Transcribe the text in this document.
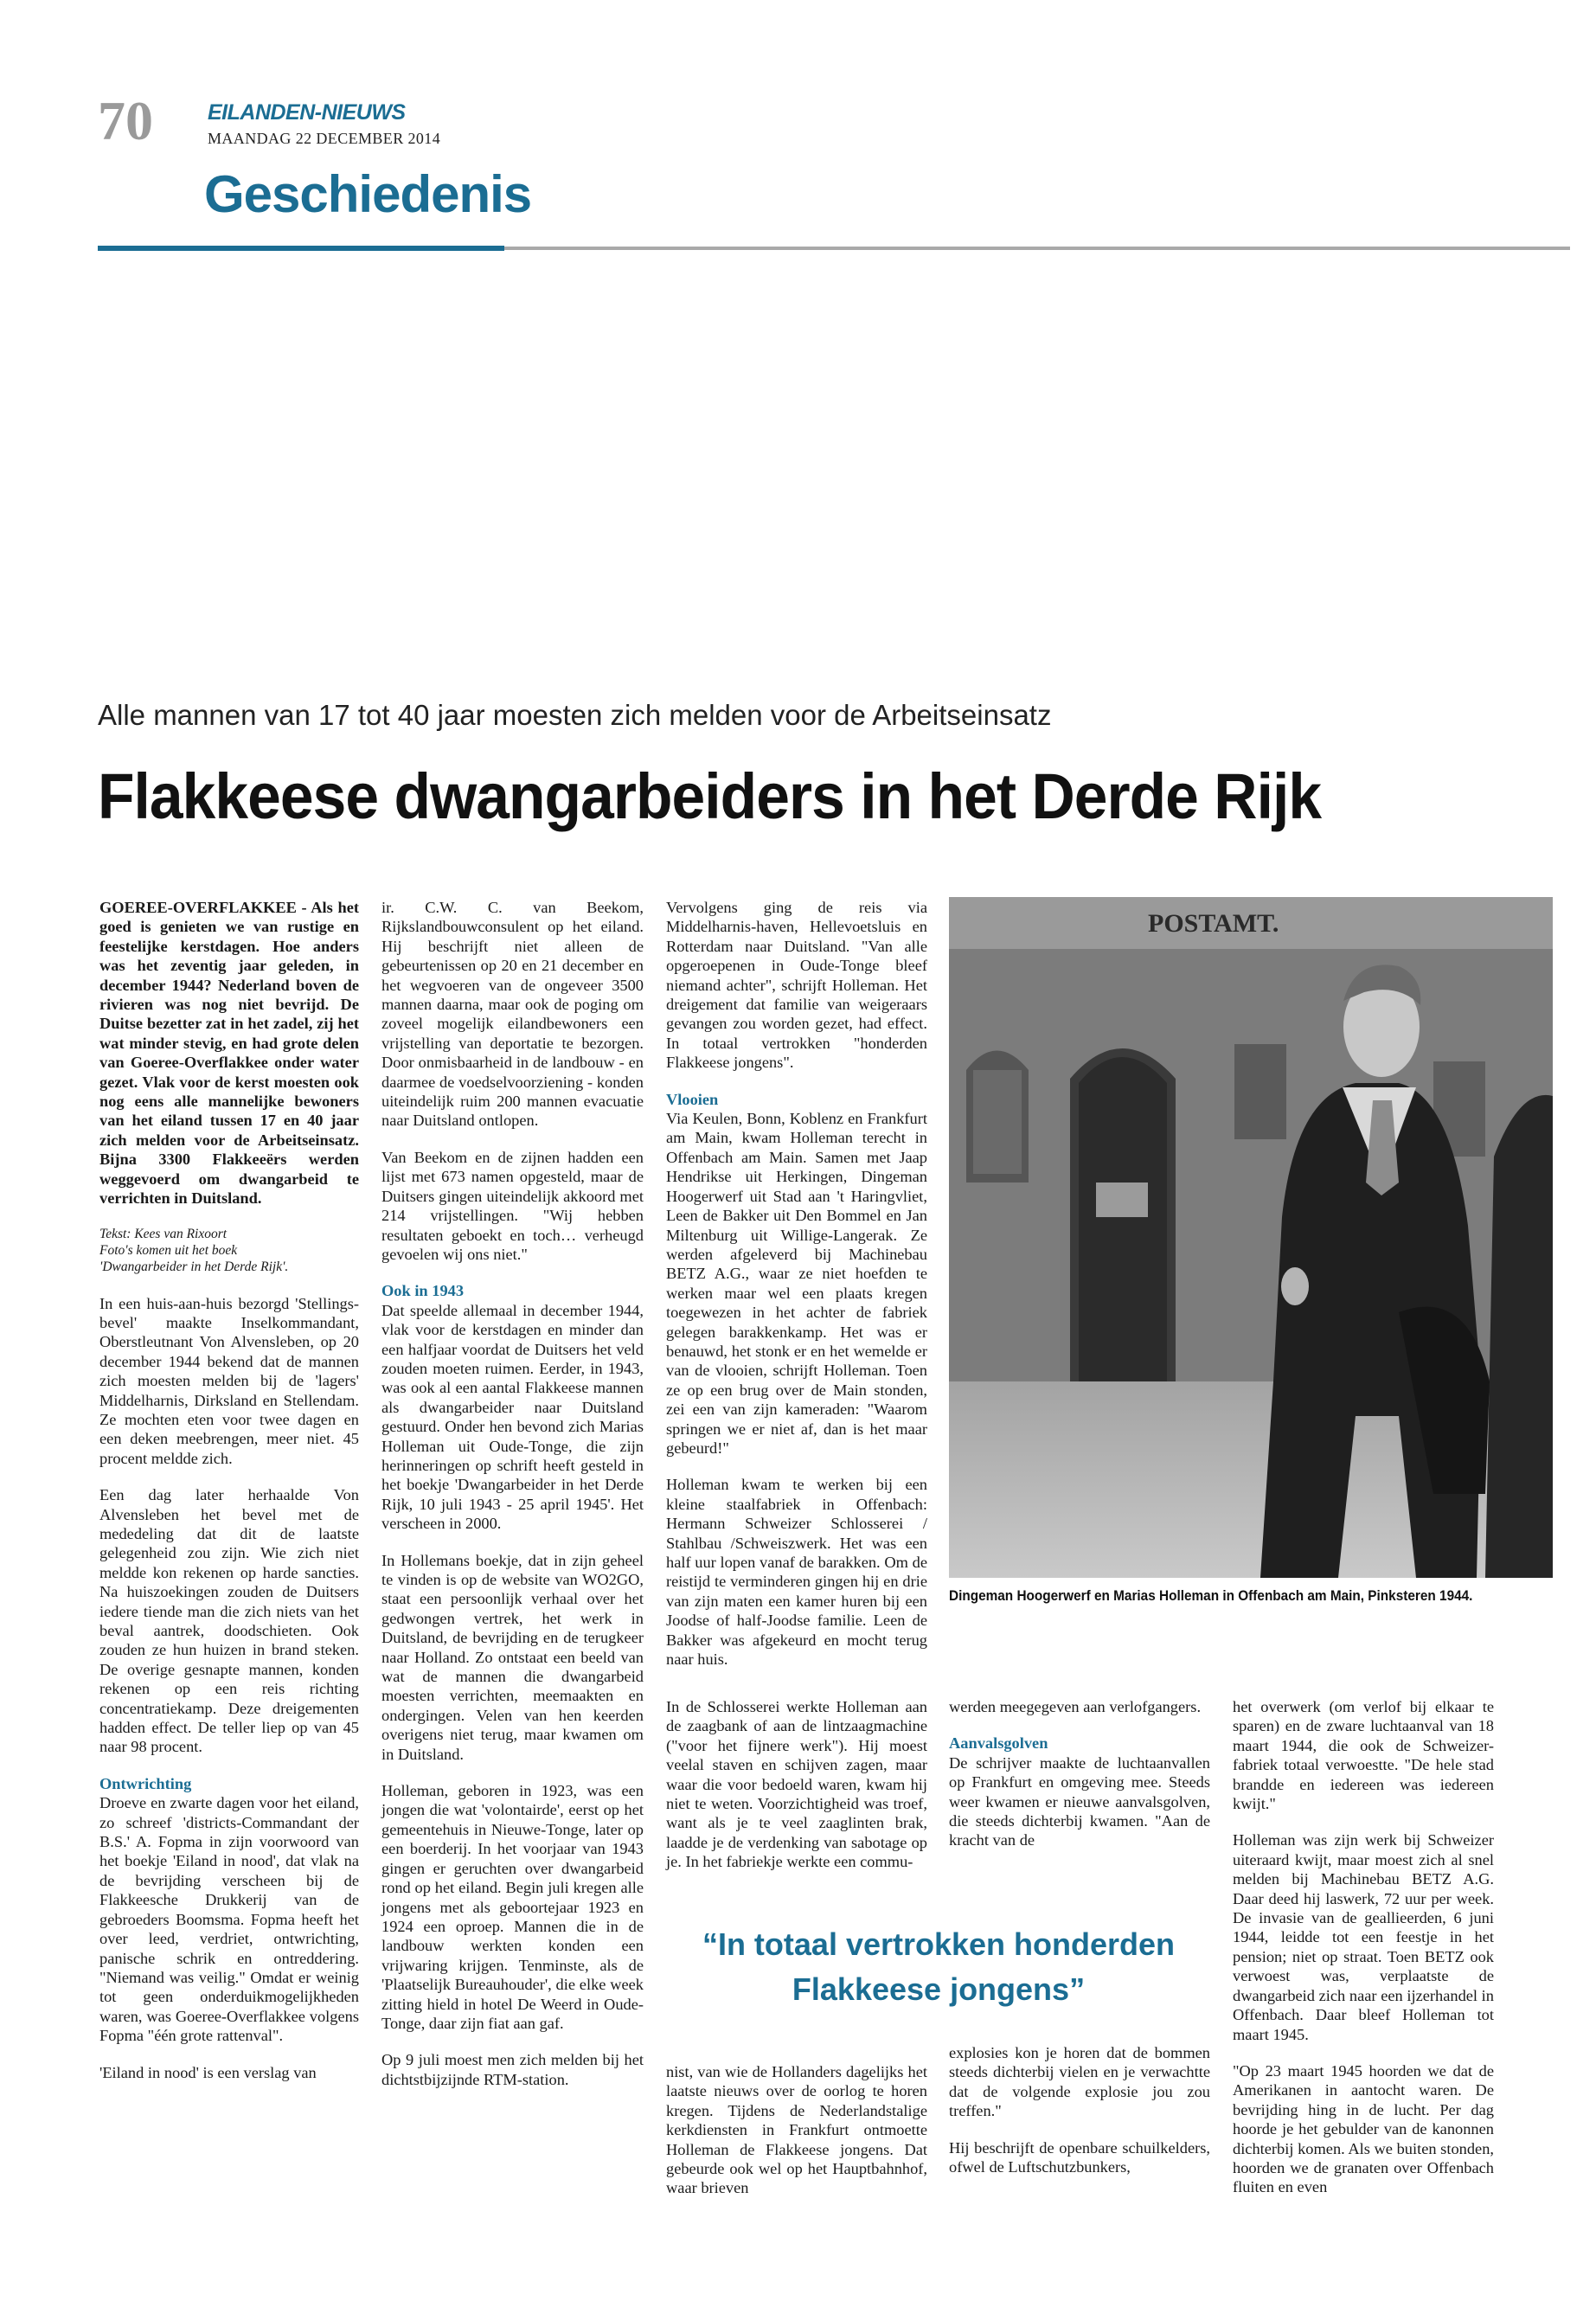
70	EILANDEN-NIEUWS
MAANDAG 22 DECEMBER 2014
Geschiedenis
Alle mannen van 17 tot 40 jaar moesten zich melden voor de Arbeitseinsatz
Flakkeese dwangarbeiders in het Derde Rijk

GOEREE-OVERFLAKKEE - Als het goed is genieten we van rustige en feestelijke kerstdagen. Hoe anders was het zeventig jaar geleden, in december 1944? Nederland boven de rivieren was nog niet bevrijd. De Duitse bezetter zat in het zadel, zij het wat minder stevig, en had grote delen van Goeree-Overflakkee onder water gezet. Vlak voor de kerst moesten ook nog eens alle mannelijke bewoners van het eiland tussen 17 en 40 jaar zich melden voor de Arbeitseinsatz. Bijna 3300 Flakkeeërs werden weggevoerd om dwangarbeid te verrichten in Duitsland.

Tekst: Kees van Rixoort
Foto's komen uit het boek

'Dwangarbeider in het Derde Rijk'.

In een huis-aan-huis bezorgd 'Stellings-bevel' maakte Inselkommandant, Oberstleutnant Von Alvensleben, op 20 december 1944 bekend dat de mannen zich moesten melden bij de 'lagers' Middelharnis, Dirksland en Stellendam. Ze mochten eten voor twee dagen en een deken meebrengen, meer niet. 45 procent meldde zich.

Een dag later herhaalde Von Alvensleben het bevel met de mededeling dat dit de laatste gelegenheid zou zijn. Wie zich niet meldde kon rekenen op harde sancties. Na huiszoekingen zouden de Duitsers iedere tiende man die zich niets van het beval aantrek, doodschieten. Ook zouden ze hun huizen in brand steken. De overige gesnapte mannen, konden rekenen op een reis richting concentratiekamp. Deze dreigementen hadden effect. De teller liep op van 45 naar 98 procent.

Ontwrichting

Droeve en zwarte dagen voor het eiland, zo schreef 'districts-Commandant der B.S.' A. Fopma in zijn voorwoord van het boekje 'Eiland in nood', dat vlak na de bevrijding verscheen bij de Flakkeesche Drukkerij van de gebroeders Boomsma. Fopma heeft het over leed, verdriet, ontwrichting, panische schrik en ontreddering. "Niemand was veilig." Omdat er weinig tot geen onderduikmogelijkheden waren, was Goeree-Overflakkee volgens Fopma "één grote rattenval".

'Eiland in nood' is een verslag van

ir. C.W. C. van Beekom, Rijkslandbouwconsulent op het eiland. Hij beschrijft niet alleen de gebeurtenissen op 20 en 21 december en het wegvoeren van de ongeveer 3500 mannen daarna, maar ook de poging om zoveel mogelijk eilandbewoners een vrijstelling van deportatie te bezorgen. Door onmisbaarheid in de landbouw - en daarmee de voedselvoorziening - konden uiteindelijk ruim 200 mannen evacuatie naar Duitsland ontlopen.

Van Beekom en de zijnen hadden een lijst met 673 namen opgesteld, maar de Duitsers gingen uiteindelijk akkoord met 214 vrijstellingen. "Wij hebben resultaten geboekt en toch… verheugd gevoelen wij ons niet."

Ook in 1943

Dat speelde allemaal in december 1944, vlak voor de kerstdagen en minder dan een halfjaar voordat de Duitsers het veld zouden moeten ruimen. Eerder, in 1943, was ook al een aantal Flakkeese mannen als dwangarbeider naar Duitsland gestuurd. Onder hen bevond zich Marias Holleman uit Oude-Tonge, die zijn herinneringen op schrift heeft gesteld in het boekje 'Dwangarbeider in het Derde Rijk, 10 juli 1943 - 25 april 1945'. Het verscheen in 2000.

In Hollemans boekje, dat in zijn geheel te vinden is op de website van WO2GO, staat een persoonlijk verhaal over het gedwongen vertrek, het werk in Duitsland, de bevrijding en de terugkeer naar Holland. Zo ontstaat een beeld van wat de mannen die dwangarbeid moesten verrichten, meemaakten en ondergingen. Velen van hen keerden overigens niet terug, maar kwamen om in Duitsland.

Holleman, geboren in 1923, was een jongen die wat 'volontairde', eerst op het gemeentehuis in Nieuwe-Tonge, later op een boerderij. In het voorjaar van 1943 gingen er geruchten over dwangarbeid rond op het eiland. Begin juli kregen alle jongens met als geboortejaar 1923 en 1924 een oproep. Mannen die in de landbouw werkten konden een vrijwaring krijgen. Tenminste, als de 'Plaatselijk Bureauhouder', die elke week zitting hield in hotel De Weerd in Oude-Tonge, daar zijn fiat aan gaf.

Op 9 juli moest men zich melden bij het dichtstbijzijnde RTM-station.

Vervolgens ging de reis via Middelharnis-haven, Hellevoetsluis en Rotterdam naar Duitsland. "Van alle opgeroepenen in Oude-Tonge bleef niemand achter", schrijft Holleman. Het dreigement dat familie van weigeraars gevangen zou worden gezet, had effect. In totaal vertrokken "honderden Flakkeese jongens".

Vlooien

Via Keulen, Bonn, Koblenz en Frankfurt am Main, kwam Holleman terecht in Offenbach am Main. Samen met Jaap Hendrikse uit Herkingen, Dingeman Hoogerwerf uit Stad aan 't Haringvliet, Leen de Bakker uit Den Bommel en Jan Miltenburg uit Willige-Langerak. Ze werden afgeleverd bij Machinebau BETZ A.G., waar ze niet hoefden te werken maar wel een plaats kregen toegewezen in het achter de fabriek gelegen barakkenkamp. Het was er benauwd, het stonk er en het wemelde er van de vlooien, schrijft Holleman. Toen ze op een brug over de Main stonden, zei een van zijn kameraden: "Waarom springen we er niet af, dan is het maar gebeurd!"

Holleman kwam te werken bij een kleine staalfabriek in Offenbach: Hermann Schweizer Schlosserei / Stahlbau /Schweiszwerk. Het was een half uur lopen vanaf de barakken. Om de reistijd te verminderen gingen hij en drie van zijn maten een kamer huren bij een Joodse of half-Joodse familie. Leen de Bakker was afgekeurd en mocht terug naar huis.

In de Schlosserei werkte Holleman aan de zaagbank of aan de lintzaagmachine ("voor het fijnere werk"). Hij moest veelal staven en schijven zagen, maar waar die voor bedoeld waren, kwam hij niet te weten. Voorzichtigheid was troef, want als je te veel zaaglinten brak, laadde je de verdenking van sabotage op je. In het fabriekje werkte een commu-

nist, van wie de Hollanders dagelijks het laatste nieuws over de oorlog te horen kregen. Tijdens de Nederlandstalige kerkdiensten in Frankfurt ontmoette Holleman de Flakkeese jongens. Dat gebeurde ook wel op het Hauptbahnhof, waar brieven

POSTAMT.
Dingeman Hoogerwerf en Marias Holleman in Offenbach am Main, Pinksteren 1944.

werden meegegeven aan verlofgangers.

Aanvalsgolven

De schrijver maakte de luchtaanvallen op Frankfurt en omgeving mee. Steeds weer kwamen er nieuwe aanvalsgolven, die steeds dichterbij kwamen. "Aan de kracht van de

explosies kon je horen dat de bommen steeds dichterbij vielen en je verwachtte dat de volgende explosie jou zou treffen."

Hij beschrijft de openbare schuilkelders, ofwel de Luftschutzbunkers,

het overwerk (om verlof bij elkaar te sparen) en de zware luchtaanval van 18 maart 1944, die ook de Schweizer-fabriek totaal verwoestte. "De hele stad brandde en iedereen was iedereen kwijt."

Holleman was zijn werk bij Schweizer uiteraard kwijt, maar moest zich al snel melden bij Machinebau BETZ A.G. Daar deed hij laswerk, 72 uur per week. De invasie van de geallieerden, 6 juni 1944, leidde tot een feestje in het pension; niet op straat. Toen BETZ ook verwoest was, verplaatste de dwangarbeid zich naar een ijzerhandel in Offenbach. Daar bleef Holleman tot maart 1945.

"Op 23 maart 1945 hoorden we dat de Amerikanen in aantocht waren. De bevrijding hing in de lucht. Per dag hoorde je het gebulder van de kanonnen dichterbij komen. Als we buiten stonden, hoorden we de granaten over Offenbach fluiten en even

“In totaal vertrokken honderden Flakkeese jongens”
